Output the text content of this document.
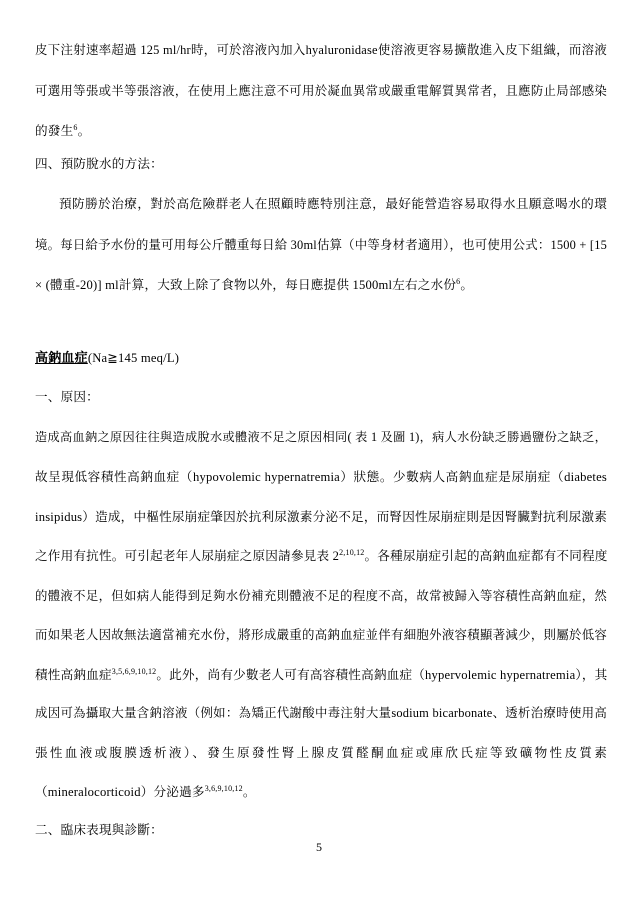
皮下注射速率超過 125 ml/hr時，可於溶液內加入hyaluronidase使溶液更容易擴散進入皮下組織，而溶液
可選用等張或半等張溶液，在使用上應注意不可用於凝血異常或嚴重電解質異常者，且應防止局部感染
的發生$^6$。
四、預防脫水的方法：
預防勝於治療，對於高危險群老人在照顧時應特別注意，最好能營造容易取得水且願意喝水的環
境。每日給予水份的量可用每公斤體重每日給 30ml估算（中等身材者適用），也可使用公式：1500 + [15
× (體重-20)] ml計算，大致上除了食物以外，每日應提供 1500ml左右之水份$^6$。
高鈉血症(Na≧145 meq/L)
一、原因：
造成高血鈉之原因往往與造成脫水或體液不足之原因相同( 表 1 及圖 1)，病人水份缺乏勝過鹽份之缺乏，
故呈現低容積性高鈉血症（hypovolemic hypernatremia）狀態。少數病人高鈉血症是尿崩症（diabetes
insipidus）造成，中樞性尿崩症肇因於抗利尿激素分泌不足，而腎因性尿崩症則是因腎臟對抗利尿激素
之作用有抗性。可引起老年人尿崩症之原因請參見表 2$^{2,10,12}$。各種尿崩症引起的高鈉血症都有不同程度
的體液不足，但如病人能得到足夠水份補充則體液不足的程度不高，故常被歸入等容積性高鈉血症，然
而如果老人因故無法適當補充水份，將形成嚴重的高鈉血症並伴有細胞外液容積顯著減少，則屬於低容
積性高鈉血症$^{3,5,6,9,10,12}$。此外，尚有少數老人可有高容積性高鈉血症（hypervolemic hypernatremia），其
成因可為攝取大量含鈉溶液（例如：為矯正代謝酸中毒注射大量sodium bicarbonate、透析治療時使用高
張性血液或腹膜透析液）、發生原發性腎上腺皮質醛酮血症或庫欣氏症等致礦物性皮質素
（mineralocorticoid）分泌過多$^{3,6,9,10,12}$。
二、臨床表現與診斷：
5
